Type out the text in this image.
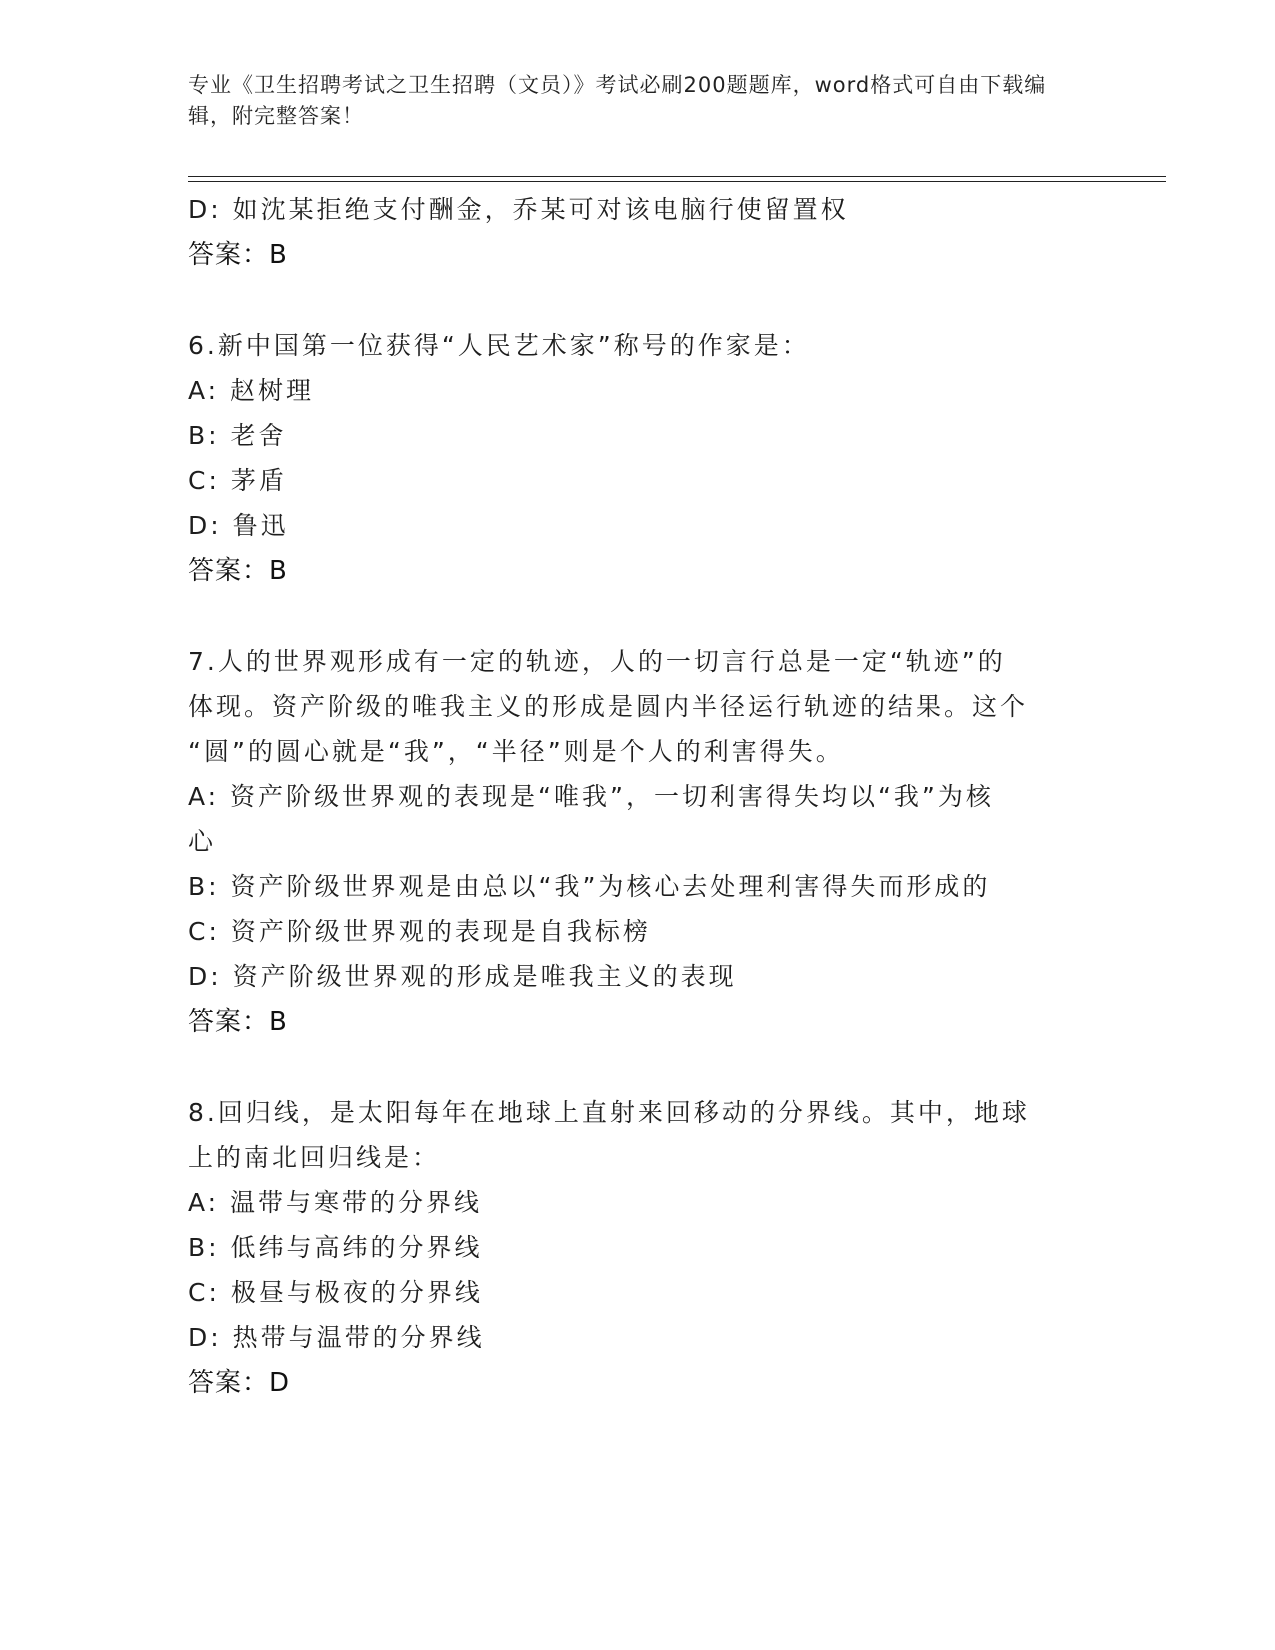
专业《卫生招聘考试之卫生招聘（文员）》考试必刷200题题库，word格式可自由下载编辑，附完整答案！
D: 如沈某拒绝支付酬金，乔某可对该电脑行使留置权
答案：B
6.新中国第一位获得“人民艺术家”称号的作家是：
A: 赵树理
B: 老舍
C: 茅盾
D: 鲁迅
答案：B
7.人的世界观形成有一定的轨迹，人的一切言行总是一定“轨迹”的
体现。资产阶级的唯我主义的形成是圆内半径运行轨迹的结果。这个
“圆”的圆心就是“我”，“半径”则是个人的利害得失。
A: 资产阶级世界观的表现是“唯我”，一切利害得失均以“我”为核
心
B: 资产阶级世界观是由总以“我”为核心去处理利害得失而形成的
C: 资产阶级世界观的表现是自我标榜
D: 资产阶级世界观的形成是唯我主义的表现
答案：B
8.回归线，是太阳每年在地球上直射来回移动的分界线。其中，地球
上的南北回归线是：
A: 温带与寒带的分界线
B: 低纬与高纬的分界线
C: 极昼与极夜的分界线
D: 热带与温带的分界线
答案：D
